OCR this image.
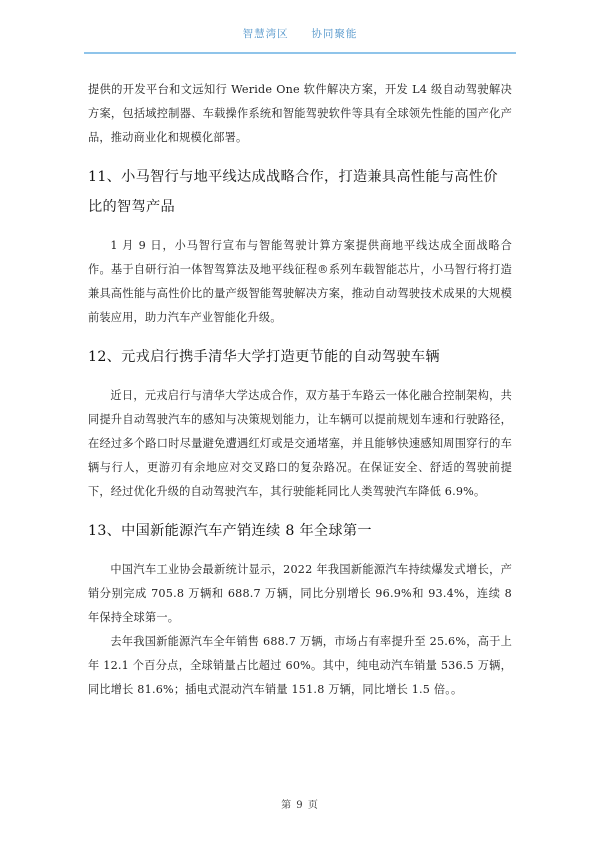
智慧湾区 协同聚能

提供的开发平台和文远知行 Weride One 软件解决方案，开发 L4 级自动驾驶解决方案，包括域控制器、车载操作系统和智能驾驶软件等具有全球领先性能的国产化产品，推动商业化和规模化部署。

11、小马智行与地平线达成战略合作，打造兼具高性能与高性价比的智驾产品

1 月 9 日，小马智行宣布与智能驾驶计算方案提供商地平线达成全面战略合作。基于自研行泊一体智驾算法及地平线征程®系列车载智能芯片，小马智行将打造兼具高性能与高性价比的量产级智能驾驶解决方案，推动自动驾驶技术成果的大规模前装应用，助力汽车产业智能化升级。

12、元戎启行携手清华大学打造更节能的自动驾驶车辆

近日，元戎启行与清华大学达成合作，双方基于车路云一体化融合控制架构，共同提升自动驾驶汽车的感知与决策规划能力，让车辆可以提前规划车速和行驶路径，在经过多个路口时尽量避免遭遇红灯或是交通堵塞，并且能够快速感知周围穿行的车辆与行人，更游刃有余地应对交叉路口的复杂路况。在保证安全、舒适的驾驶前提下，经过优化升级的自动驾驶汽车，其行驶能耗同比人类驾驶汽车降低 6.9%。

13、中国新能源汽车产销连续 8 年全球第一

中国汽车工业协会最新统计显示，2022 年我国新能源汽车持续爆发式增长，产销分别完成 705.8 万辆和 688.7 万辆，同比分别增长 96.9%和 93.4%，连续 8 年保持全球第一。

去年我国新能源汽车全年销售 688.7 万辆，市场占有率提升至 25.6%，高于上年 12.1 个百分点，全球销量占比超过 60%。其中，纯电动汽车销量 536.5 万辆，同比增长 81.6%；插电式混动汽车销量 151.8 万辆，同比增长 1.5 倍。。

第 9 页
